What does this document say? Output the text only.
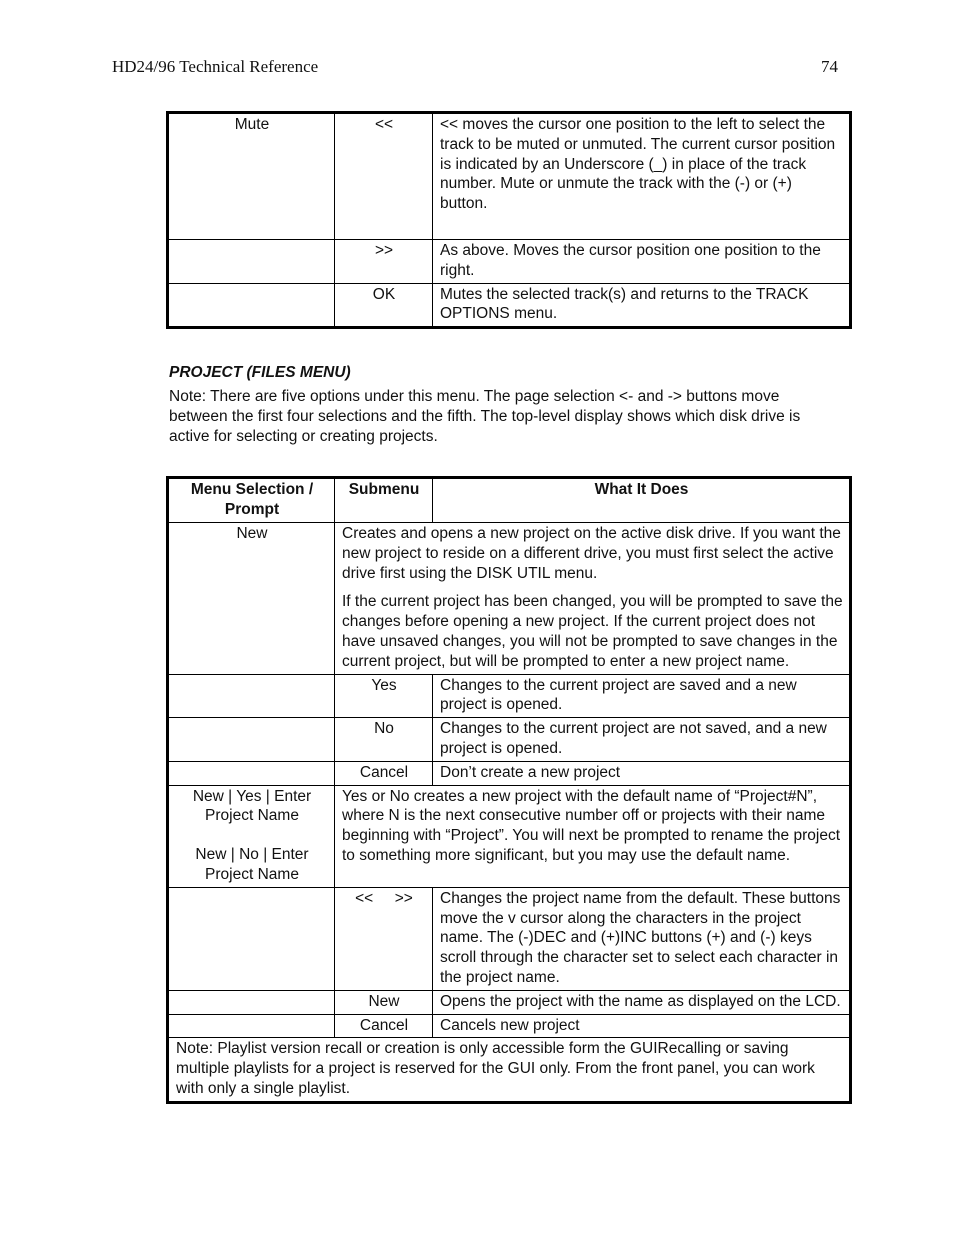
HD24/96 Technical Reference	74
Mute	<<	<< moves the cursor one position to the left to select the track to be muted or unmuted. The current cursor position is indicated by an Underscore (_) in place of the track number. Mute or unmute the track with the (-) or (+) button.
	>>	As above. Moves the cursor position one position to the right.
	OK	Mutes the selected track(s) and returns to the TRACK OPTIONS menu.
PROJECT (FILES MENU)
Note: There are five options under this menu. The page selection <- and -> buttons move between the first four selections and the fifth. The top-level display shows which disk drive is active for selecting or creating projects.
Menu Selection / Prompt	Submenu	What It Does
New	Creates and opens a new project on the active disk drive. If you want the new project to reside on a different drive, you must first select the active drive first using the DISK UTIL menu.

If the current project has been changed, you will be prompted to save the changes before opening a new project. If the current project does not have unsaved changes, you will not be prompted to save changes in the current project, but will be prompted to enter a new project name.	

	Yes	Changes to the current project are saved and a new project is opened.
	No	Changes to the current project are not saved, and a new project is opened.
	Cancel	Don’t create a new project

New | Yes | Enter Project Name
New | No | Enter Project Name	Yes or No creates a new project with the default name of “Project#N”, where N is the next consecutive number off or projects with their name beginning with “Project”. You will next be prompted to rename the project to something more significant, but you may use the default name.	
	<<     >>	Changes the project name from the default. These buttons move the v cursor along the characters in the project name. The (-)DEC and (+)INC buttons (+) and (-) keys scroll through the character set to select each character in the project name.
	New	Opens the project with the name as displayed on the LCD.
	Cancel	Cancels new project
Note: Playlist version recall or creation is only accessible form the GUIRecalling or saving multiple playlists for a project is reserved for the GUI only. From the front panel, you can work with only a single playlist.		
